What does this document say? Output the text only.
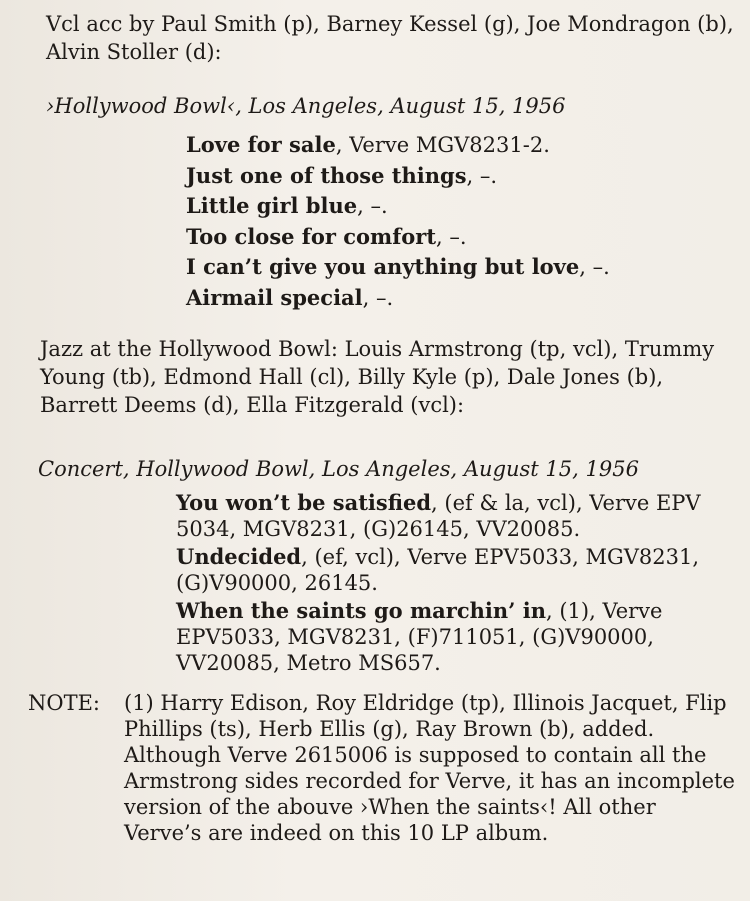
Vcl acc by Paul Smith (p), Barney Kessel (g), Joe Mondragon (b), Alvin Stoller (d):
›Hollywood Bowl‹, Los Angeles, August 15, 1956
Love for sale, Verve MGV8231-2.
Just one of those things, –.
Little girl blue, –.
Too close for comfort, –.
I can’t give you anything but love, –.
Airmail special, –.
Jazz at the Hollywood Bowl: Louis Armstrong (tp, vcl), Trummy Young (tb), Edmond Hall (cl), Billy Kyle (p), Dale Jones (b), Barrett Deems (d), Ella Fitzgerald (vcl):
Concert, Hollywood Bowl, Los Angeles, August 15, 1956
You won’t be satisfied, (ef & la, vcl), Verve EPV 5034, MGV8231, (G)26145, VV20085.
Undecided, (ef, vcl), Verve EPV5033, MGV8231, (G)V90000, 26145.
When the saints go marchin’ in, (1), Verve EPV5033, MGV8231, (F)711051, (G)V90000, VV20085, Metro MS657.
NOTE: (1) Harry Edison, Roy Eldridge (tp), Illinois Jacquet, Flip Phillips (ts), Herb Ellis (g), Ray Brown (b), added. Although Verve 2615006 is supposed to contain all the Armstrong sides recorded for Verve, it has an incomplete version of the abouve ›When the saints‹! All other Verve’s are indeed on this 10 LP album.
